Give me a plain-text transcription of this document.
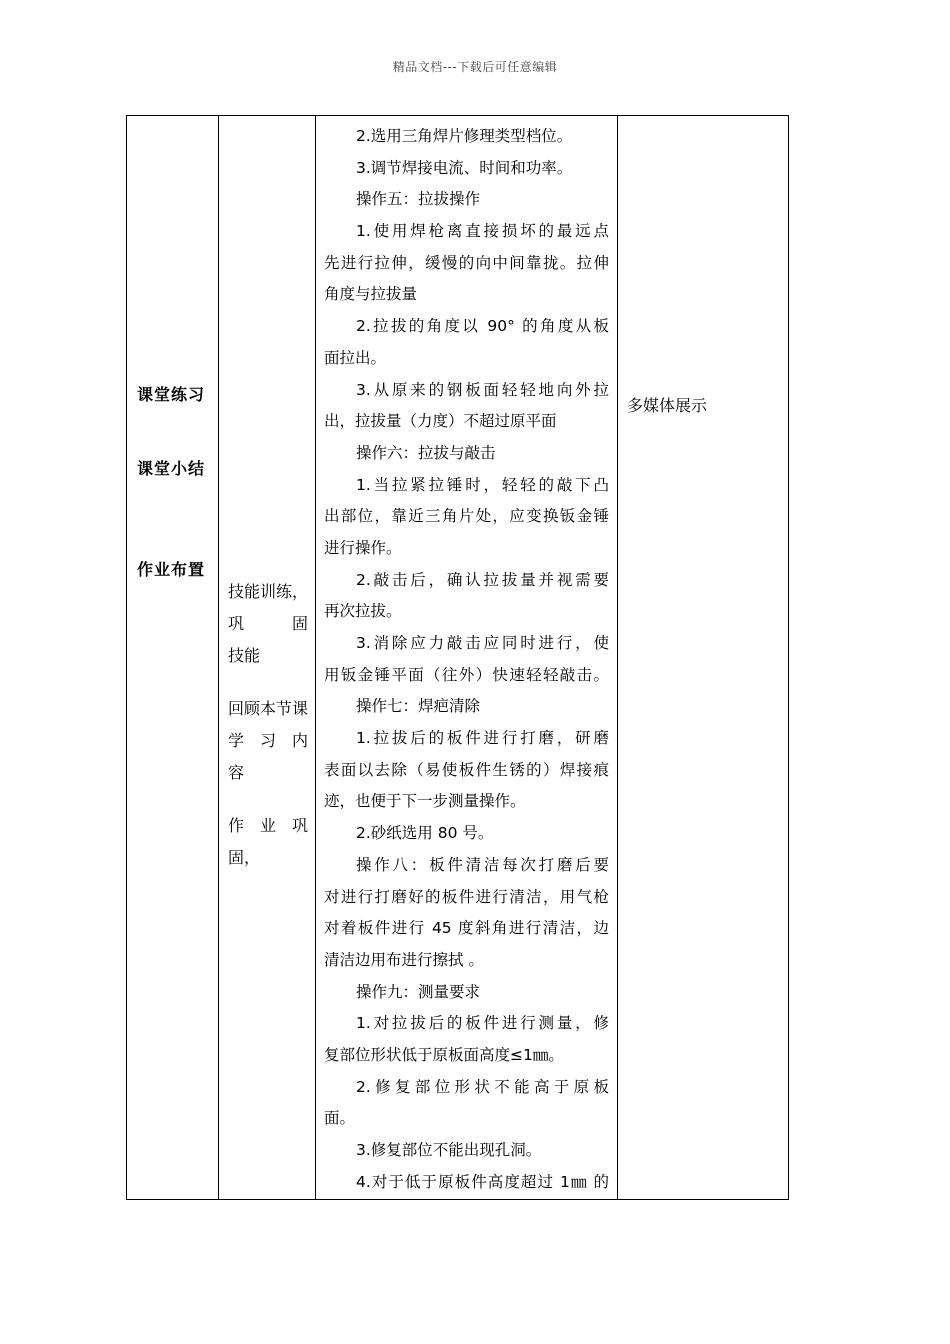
精品文档---下载后可任意编辑
课堂练习
课堂小结
作业布置
技能训练，巩固
技能
回顾本节课学习内
容
作业巩
固，
2.选用三角焊片修理类型档位。
3.调节焊接电流、时间和功率。
操作五：拉拔操作
1.使用焊枪离直接损坏的最远点
先进行拉伸，缓慢的向中间靠拢。拉伸
角度与拉拔量
2.拉拔的角度以 90° 的角度从板
面拉出。
3.从原来的钢板面轻轻地向外拉
出，拉拔量（力度）不超过原平面
操作六：拉拔与敲击
1.当拉紧拉锤时，轻轻的敲下凸
出部位，靠近三角片处，应变换钣金锤
进行操作。
2.敲击后，确认拉拔量并视需要
再次拉拔。
3.消除应力敲击应同时进行，使
用钣金锤平面（往外）快速轻轻敲击。
操作七：焊疤清除
1.拉拔后的板件进行打磨，研磨
表面以去除（易使板件生锈的）焊接痕
迹，也便于下一步测量操作。
2.砂纸选用 80 号。
操作八：板件清洁每次打磨后要
对进行打磨好的板件进行清洁，用气枪
对着板件进行 45 度斜角进行清洁，边
清洁边用布进行擦拭 。
操作九：测量要求
1.对拉拔后的板件进行测量，修
复部位形状低于原板面高度≤1㎜。
2.修复部位形状不能高于原板
面。
3.修复部位不能出现孔洞。
4.对于低于原板件高度超过 1㎜ 的
多媒体展示
